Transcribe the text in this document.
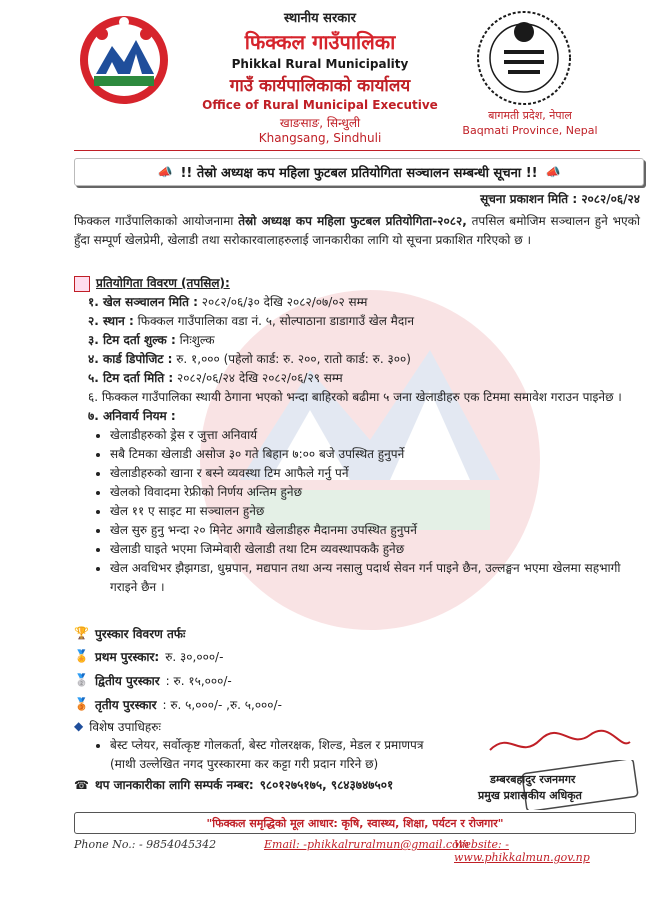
स्थानीय सरकार
फिक्कल गाउँपालिका
Phikkal Rural Municipality
गाउँ कार्यपालिकाको कार्यालय
Office of Rural Municipal Executive
खाङसाङ, सिन्धुली
Khangsang, Sindhuli
बागमती प्रदेश, नेपाल
Baqmati Province, Nepal
📣 !! तेस्रो अध्यक्ष कप महिला फुटबल प्रतियोगिता सञ्चालन सम्बन्धी सूचना !! 📣
सूचना प्रकाशन मिति : २०८२/०६/२४
फिक्कल गाउँपालिकाको आयोजनामा तेस्रो अध्यक्ष कप महिला फुटबल प्रतियोगिता-२०८२, तपसिल बमोजिम सञ्चालन हुने भएको हुँदा सम्पूर्ण खेलप्रेमी, खेलाडी तथा सरोकारवालाहरुलाई जानकारीका लागि यो सूचना प्रकाशित गरिएको छ ।
प्रतियोगिता विवरण (तपसिल):
१. खेल सञ्चालन मिति : २०८२/०६/३० देखि २०८२/०७/०२ सम्म
२. स्थान : फिक्कल गाउँपालिका वडा नं. ५, सोल्पाठाना डाडागाउँ खेल मैदान
३. टिम दर्ता शुल्क : निःशुल्क
४. कार्ड डिपोजिट : रु. १,००० (पहेलो कार्ड: रु. २००, रातो कार्ड: रु. ३००)
५. टिम दर्ता मिति : २०८२/०६/२४ देखि २०८२/०६/२९ सम्म
६. फिक्कल गाउँपालिका स्थायी ठेगाना भएको भन्दा बाहिरको बढीमा ५ जना खेलाडीहरु एक टिममा समावेश गराउन पाइनेछ ।
७. अनिवार्य नियम :
• खेलाडीहरुको ड्रेस र जुत्ता अनिवार्य
• सबै टिमका खेलाडी असोज ३० गते बिहान ७:०० बजे उपस्थित हुनुपर्ने
• खेलाडीहरुको खाना र बस्ने व्यवस्था टिम आफैले गर्नु पर्ने
• खेलको विवादमा रेफ्रीको निर्णय अन्तिम हुनेछ
• खेल ११ ए साइट मा सञ्चालन हुनेछ
• खेल सुरु हुनु भन्दा २० मिनेट अगावै खेलाडीहरु मैदानमा उपस्थित हुनुपर्ने
• खेलाडी घाइते भएमा जिम्मेवारी खेलाडी तथा टिम व्यवस्थापककै हुनेछ
• खेल अवधिभर झैझगडा, धुम्रपान, मद्यपान तथा अन्य नसालु पदार्थ सेवन गर्न पाइने छैन, उल्लङ्घन भएमा खेलमा सहभागी गराइने छैन ।
🏆 पुरस्कार विवरण तर्फः
🏅 प्रथम पुरस्कार: रु. ३०,०००/-
🥈 द्वितीय पुरस्कार : रु. १५,०००/-
🥉 तृतीय पुरस्कार : रु. ५,०००/- ,रु. ५,०००/-
◆ विशेष उपाधिहरुः
• बेस्ट प्लेयर, सर्वोत्कृष्ट गोलकर्ता, बेस्ट गोलरक्षक, शिल्ड, मेडल र प्रमाणपत्र
(माथी उल्लेखित नगद पुरस्कारमा कर कट्टा गरी प्रदान गरिने छ)
☎ थप जानकारीका लागि सम्पर्क नम्बर: ९८०१२७५१७५, ९८४३७४७५०१	डम्बरबहादुर रजनमगर
प्रमुख प्रशासकीय अधिकृत
"फिक्कल समृद्धिको मूल आधार: कृषि, स्वास्थ्य, शिक्षा, पर्यटन र रोजगार"
Phone No.: - 9854045342	Email: -phikkalruralmun@gmail.com
Website: - www.phikkalmun.gov.np
